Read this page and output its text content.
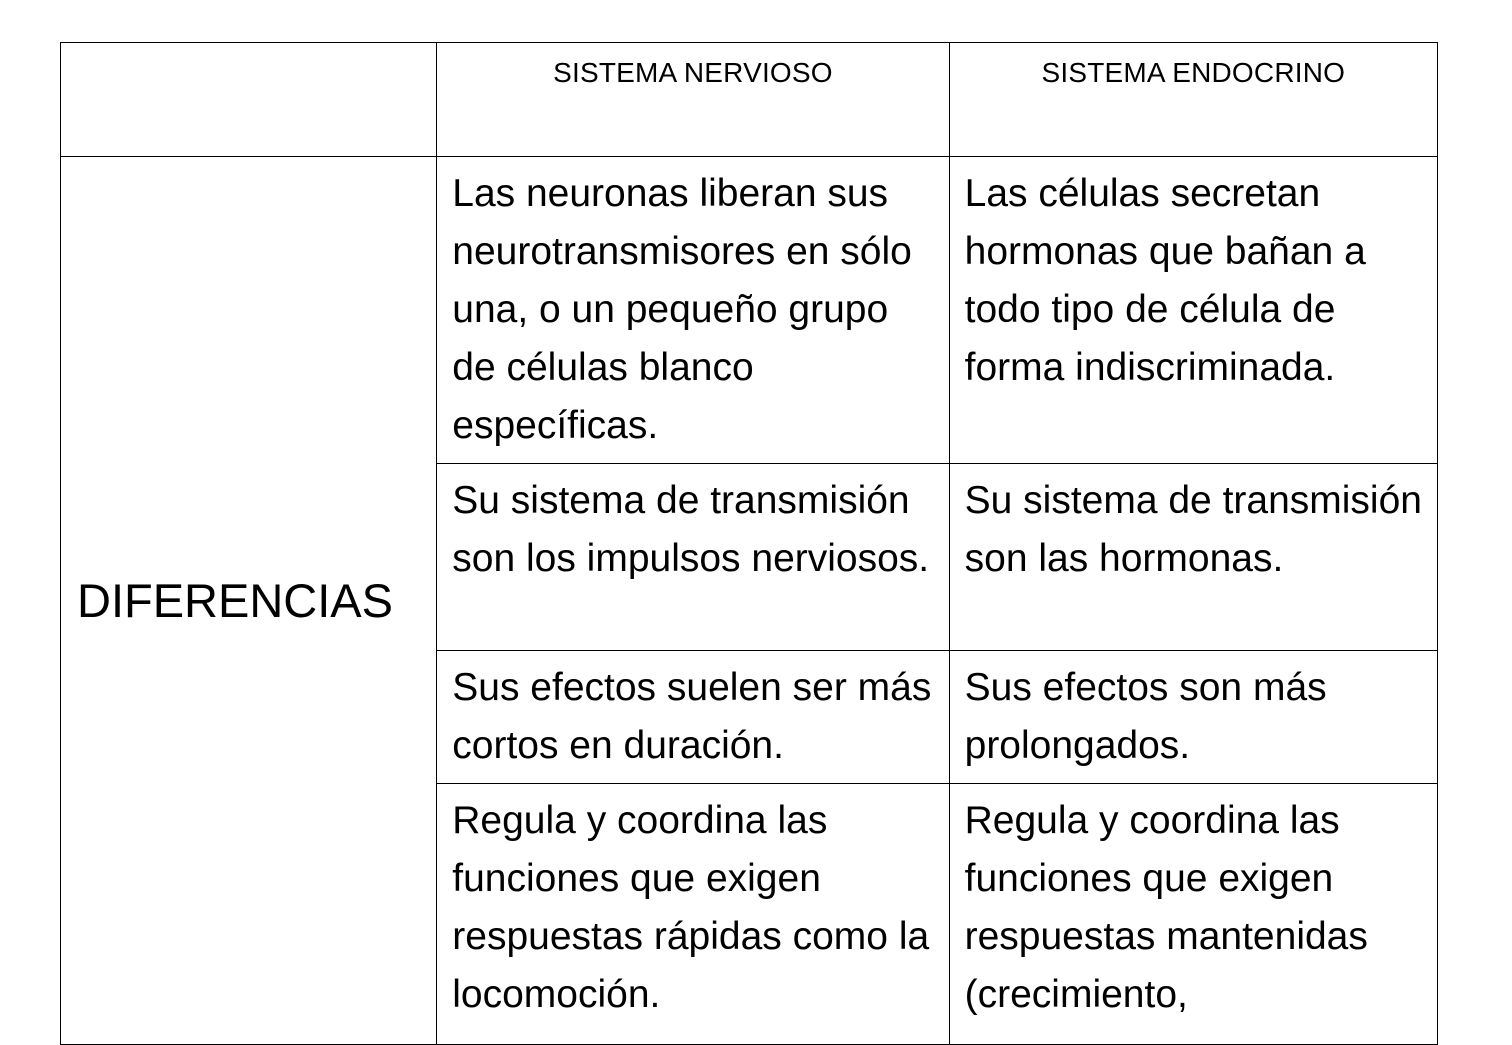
	SISTEMA NERVIOSO	SISTEMA ENDOCRINO

DIFERENCIAS	Las neuronas liberan sus neurotransmisores en sólo una, o un pequeño grupo de células blanco específicas.	Las células secretan hormonas que bañan a todo tipo de célula de forma indiscriminada.

	Su sistema de transmisión son los impulsos nerviosos.	Su sistema de transmisión son las hormonas.

	Sus efectos suelen ser más cortos en duración.	Sus efectos son más prolongados.

	Regula y coordina las funciones que exigen respuestas rápidas como la locomoción.	Regula y coordina las funciones que exigen respuestas mantenidas (crecimiento,
